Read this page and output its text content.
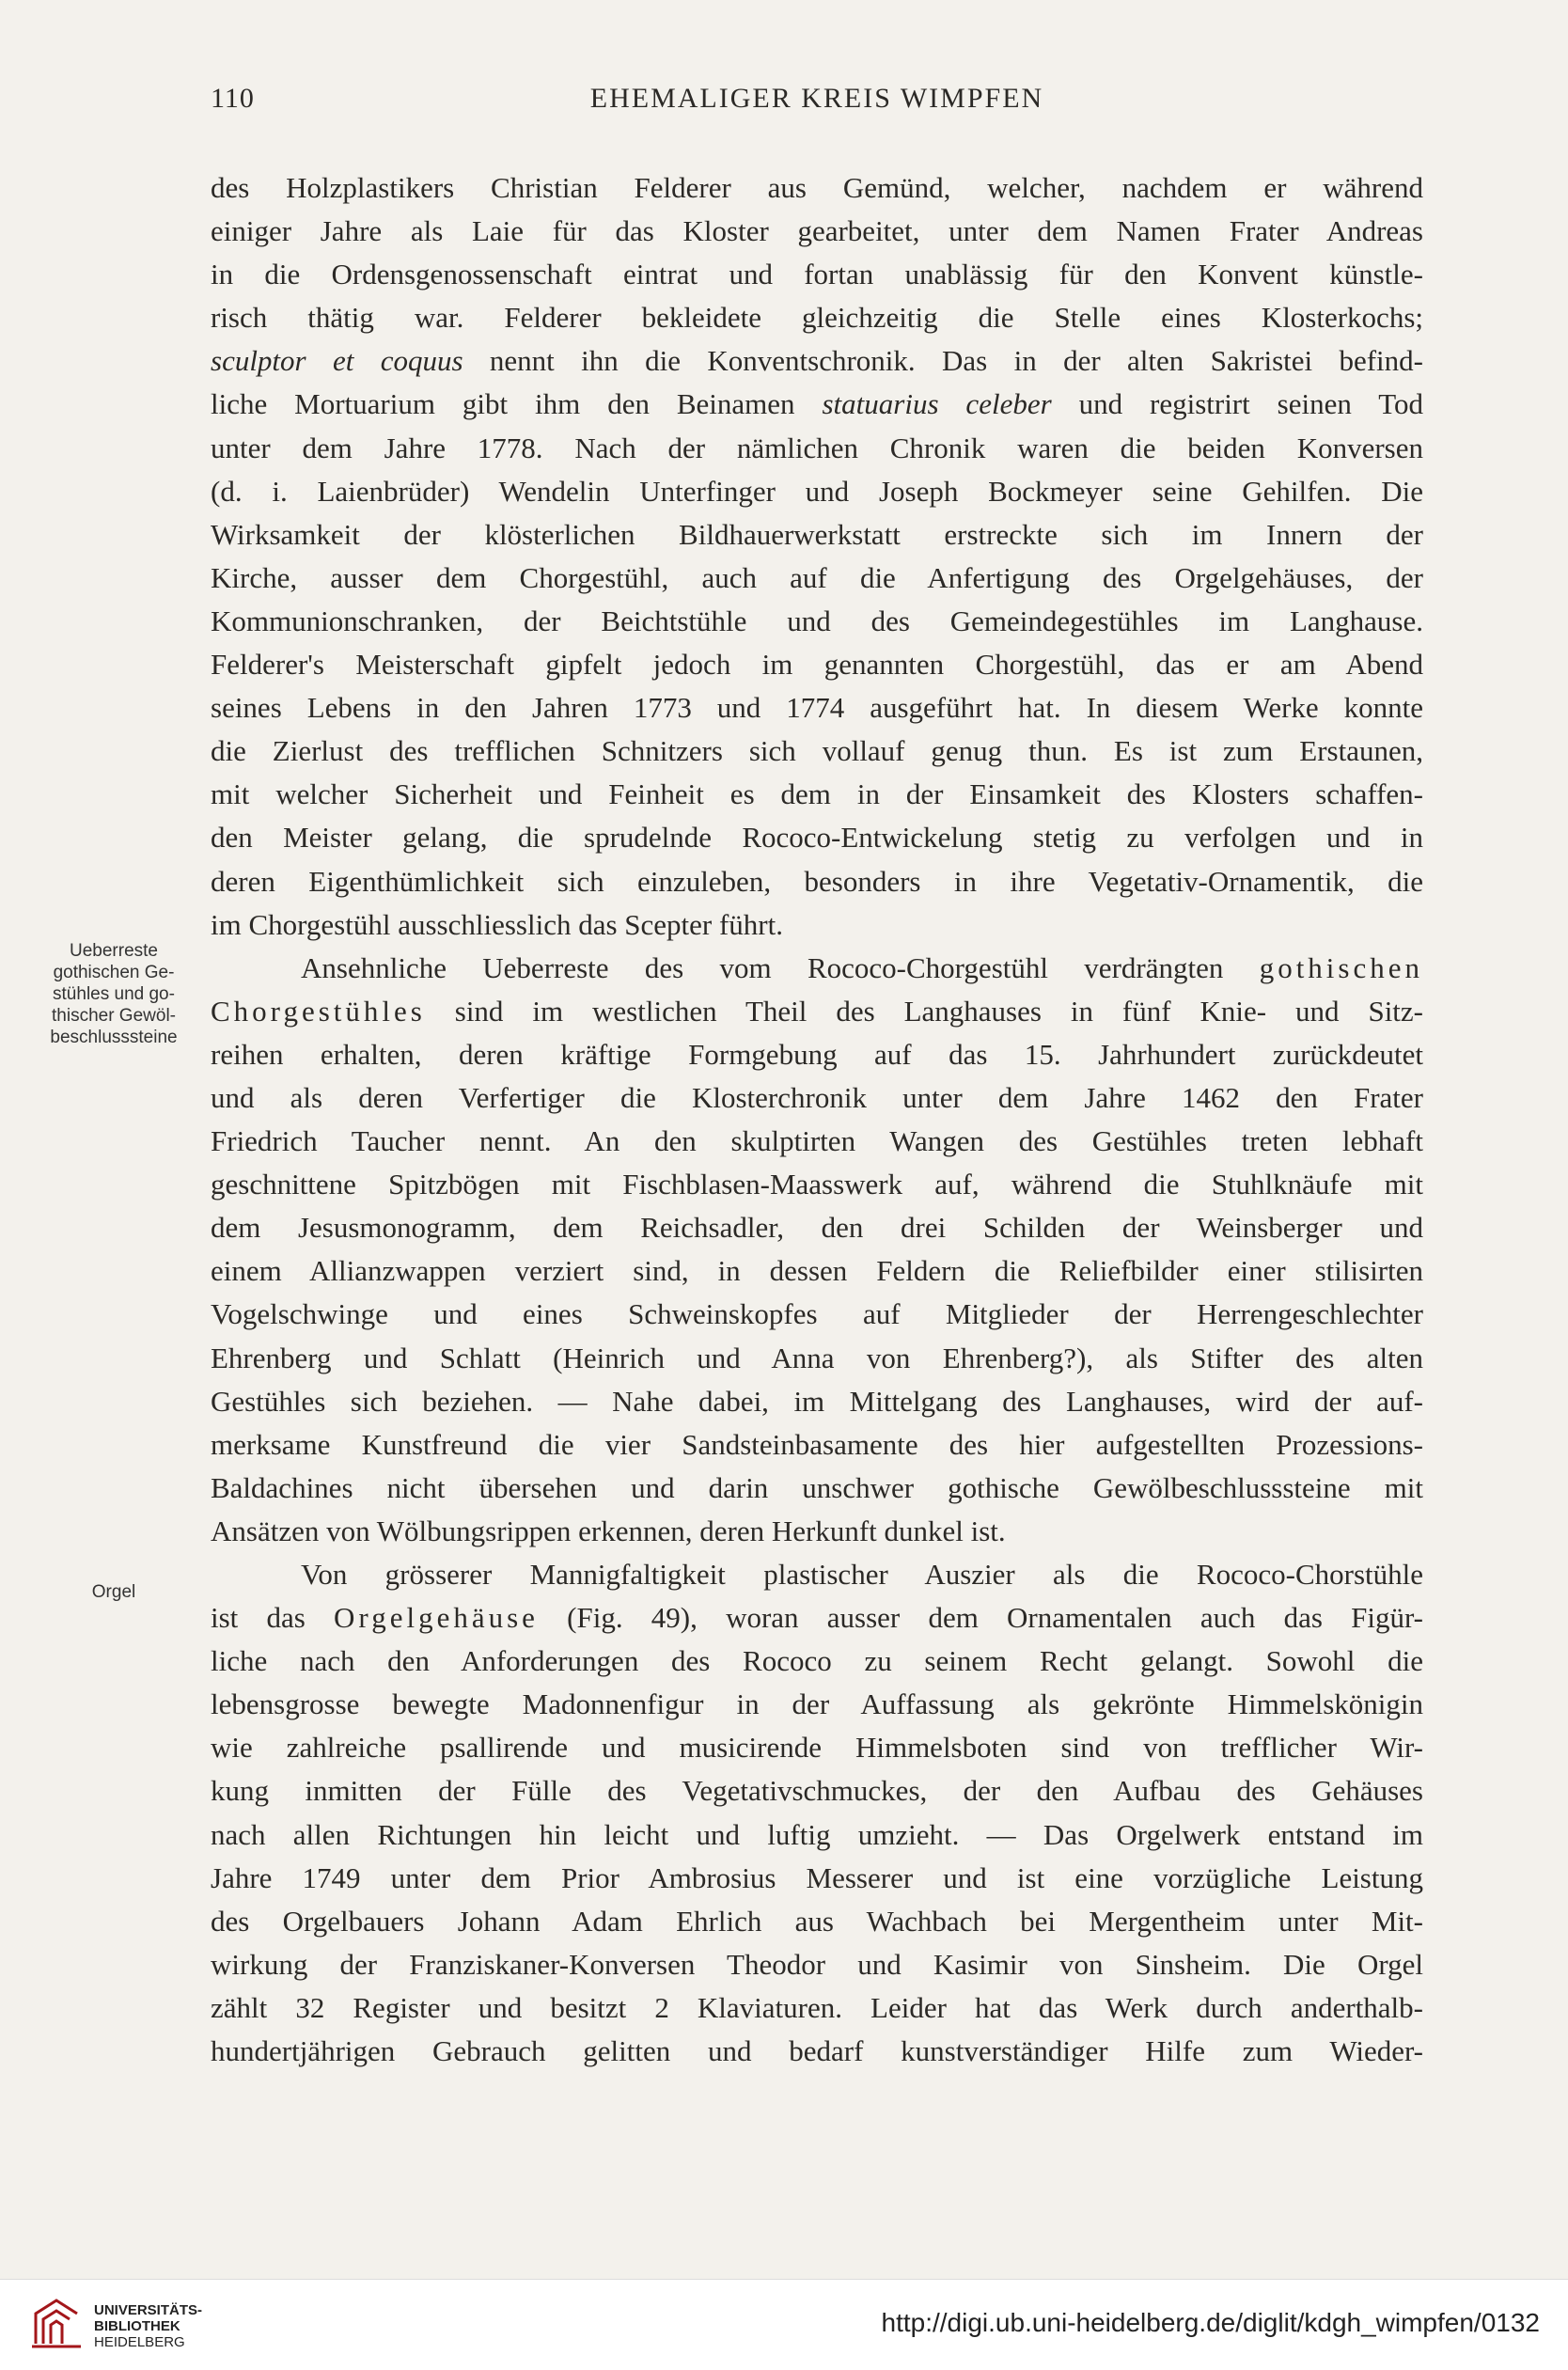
110	EHEMALIGER KREIS WIMPFEN
Ueberreste gothischen Ge-stühles und go-thischer Gewöl-beschlusssteine
Orgel
des Holzplastikers Christian Felderer aus Gemünd, welcher, nachdem er während
einiger Jahre als Laie für das Kloster gearbeitet, unter dem Namen Frater Andreas
in die Ordensgenossenschaft eintrat und fortan unablässig für den Konvent künstle-
risch thätig war. Felderer bekleidete gleichzeitig die Stelle eines Klosterkochs;
sculptor et coquus nennt ihn die Konventschronik. Das in der alten Sakristei befind-
liche Mortuarium gibt ihm den Beinamen statuarius celeber und registrirt seinen Tod
unter dem Jahre 1778. Nach der nämlichen Chronik waren die beiden Konversen
(d. i. Laienbrüder) Wendelin Unterfinger und Joseph Bockmeyer seine Gehilfen. Die
Wirksamkeit der klösterlichen Bildhauerwerkstatt erstreckte sich im Innern der
Kirche, ausser dem Chorgestühl, auch auf die Anfertigung des Orgelgehäuses, der
Kommunionschranken, der Beichtstühle und des Gemeindegestühles im Langhause.
Felderer's Meisterschaft gipfelt jedoch im genannten Chorgestühl, das er am Abend
seines Lebens in den Jahren 1773 und 1774 ausgeführt hat. In diesem Werke konnte
die Zierlust des trefflichen Schnitzers sich vollauf genug thun. Es ist zum Erstaunen,
mit welcher Sicherheit und Feinheit es dem in der Einsamkeit des Klosters schaffen-
den Meister gelang, die sprudelnde Rococo-Entwickelung stetig zu verfolgen und in
deren Eigenthümlichkeit sich einzuleben, besonders in ihre Vegetativ-Ornamentik, die
im Chorgestühl ausschliesslich das Scepter führt.
Ansehnliche Ueberreste des vom Rococo-Chorgestühl verdrängten gothischen
Chorgestühles sind im westlichen Theil des Langhauses in fünf Knie- und Sitz-
reihen erhalten, deren kräftige Formgebung auf das 15. Jahrhundert zurückdeutet
und als deren Verfertiger die Klosterchronik unter dem Jahre 1462 den Frater
Friedrich Taucher nennt. An den skulptirten Wangen des Gestühles treten lebhaft
geschnittene Spitzbögen mit Fischblasen-Maasswerk auf, während die Stuhlknäufe mit
dem Jesusmonogramm, dem Reichsadler, den drei Schilden der Weinsberger und
einem Allianzwappen verziert sind, in dessen Feldern die Reliefbilder einer stilisirten
Vogelschwinge und eines Schweinskopfes auf Mitglieder der Herrengeschlechter
Ehrenberg und Schlatt (Heinrich und Anna von Ehrenberg?), als Stifter des alten
Gestühles sich beziehen. — Nahe dabei, im Mittelgang des Langhauses, wird der auf-
merksame Kunstfreund die vier Sandsteinbasamente des hier aufgestellten Prozessions-
Baldachines nicht übersehen und darin unschwer gothische Gewölbeschlusssteine mit
Ansätzen von Wölbungsrippen erkennen, deren Herkunft dunkel ist.
Von grösserer Mannigfaltigkeit plastischer Auszier als die Rococo-Chorstühle
ist das Orgelgehäuse (Fig. 49), woran ausser dem Ornamentalen auch das Figür-
liche nach den Anforderungen des Rococo zu seinem Recht gelangt. Sowohl die
lebensgrosse bewegte Madonnenfigur in der Auffassung als gekrönte Himmelskönigin
wie zahlreiche psallirende und musicirende Himmelsboten sind von trefflicher Wir-
kung inmitten der Fülle des Vegetativschmuckes, der den Aufbau des Gehäuses
nach allen Richtungen hin leicht und luftig umzieht. — Das Orgelwerk entstand im
Jahre 1749 unter dem Prior Ambrosius Messerer und ist eine vorzügliche Leistung
des Orgelbauers Johann Adam Ehrlich aus Wachbach bei Mergentheim unter Mit-
wirkung der Franziskaner-Konversen Theodor und Kasimir von Sinsheim. Die Orgel
zählt 32 Register und besitzt 2 Klaviaturen. Leider hat das Werk durch anderthalb-
hundertjährigen Gebrauch gelitten und bedarf kunstverständiger Hilfe zum Wieder-
UNIVERSITÄTS-
BIBLIOTHEK
HEIDELBERG
http://digi.ub.uni-heidelberg.de/diglit/kdgh_wimpfen/0132
